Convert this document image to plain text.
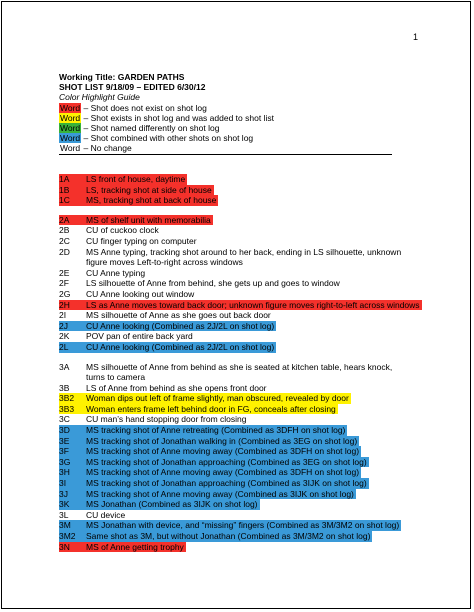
1
Working Title: GARDEN PATHS
SHOT LIST 9/18/09 – EDITED 6/30/12
Color Highlight Guide
Word – Shot does not exist on shot log
Word – Shot exists in shot log and was added to shot list
Word – Shot named differently on shot log
Word – Shot combined with other shots on shot log
Word – No change
1A LS front of house, daytime
1B LS, tracking shot at side of house
1C MS, tracking shot at back of house
2A MS of shelf unit with memorabilia
2B CU of cuckoo clock
2C CU finger typing on computer
2D MS Anne typing, tracking shot around to her back, ending in LS silhouette, unknown
figure moves Left-to-right across windows
2E CU Anne typing
2F LS silhouette of Anne from behind, she gets up and goes to window
2G CU Anne looking out window
2H LS as Anne moves toward back door; unknown figure moves right-to-left across windows
2I MS silhouette of Anne as she goes out back door
2J CU Anne looking (Combined as 2J/2L on shot log)
2K POV pan of entire back yard
2L CU Anne looking (Combined as 2J/2L on shot log)
3A MS silhouette of Anne from behind as she is seated at kitchen table, hears knock,
turns to camera
3B LS of Anne from behind as she opens front door
3B2 Woman dips out left of frame slightly, man obscured, revealed by door
3B3 Woman enters frame left behind door in FG, conceals after closing
3C CU man’s hand stopping door from closing
3D MS tracking shot of Anne retreating (Combined as 3DFH on shot log)
3E MS tracking shot of Jonathan walking in (Combined as 3EG on shot log)
3F MS tracking shot of Anne moving away (Combined as 3DFH on shot log)
3G MS tracking shot of Jonathan approaching (Combined as 3EG on shot log)
3H MS tracking shot of Anne moving away (Combined as 3DFH on shot log)
3I MS tracking shot of Jonathan approaching (Combined as 3IJK on shot log)
3J MS tracking shot of Anne moving away (Combined as 3IJK on shot log)
3K MS Jonathan (Combined as 3IJK on shot log)
3L CU device
3M MS Jonathan with device, and “missing” fingers (Combined as 3M/3M2 on shot log)
3M2 Same shot as 3M, but without Jonathan (Combined as 3M/3M2 on shot log)
3N MS of Anne getting trophy
